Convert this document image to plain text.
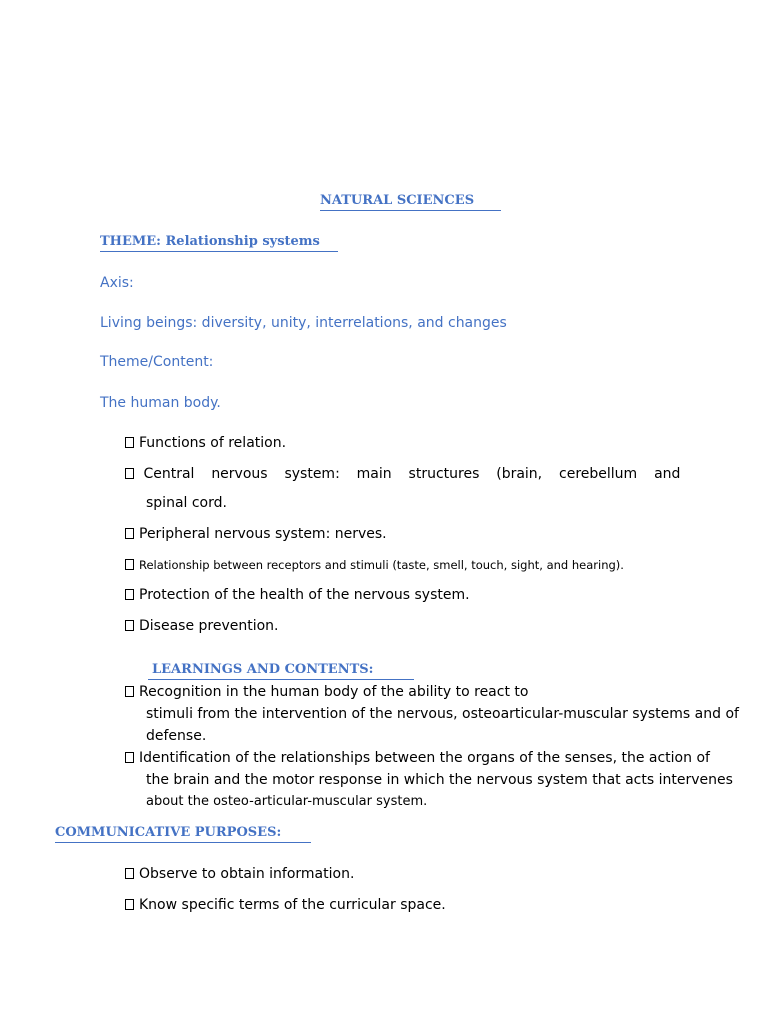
NATURAL SCIENCES
THEME: Relationship systems
Axis:
Living beings: diversity, unity, interrelations, and changes
Theme/Content:
The human body.
Functions of relation.

Central nervous system: main structures (brain, cerebellum and
spinal cord.
Peripheral nervous system: nerves.
Relationship between receptors and stimuli (taste, smell, touch, sight, and hearing).
Protection of the health of the nervous system.
Disease prevention.
LEARNINGS AND CONTENTS:
Recognition in the human body of the ability to react to
stimuli from the intervention of the nervous, osteoarticular-muscular systems and of
defense.
Identification of the relationships between the organs of the senses, the action of
the brain and the motor response in which the nervous system that acts intervenes
about the osteo-articular-muscular system.
COMMUNICATIVE PURPOSES:
Observe to obtain information.
Know specific terms of the curricular space.
